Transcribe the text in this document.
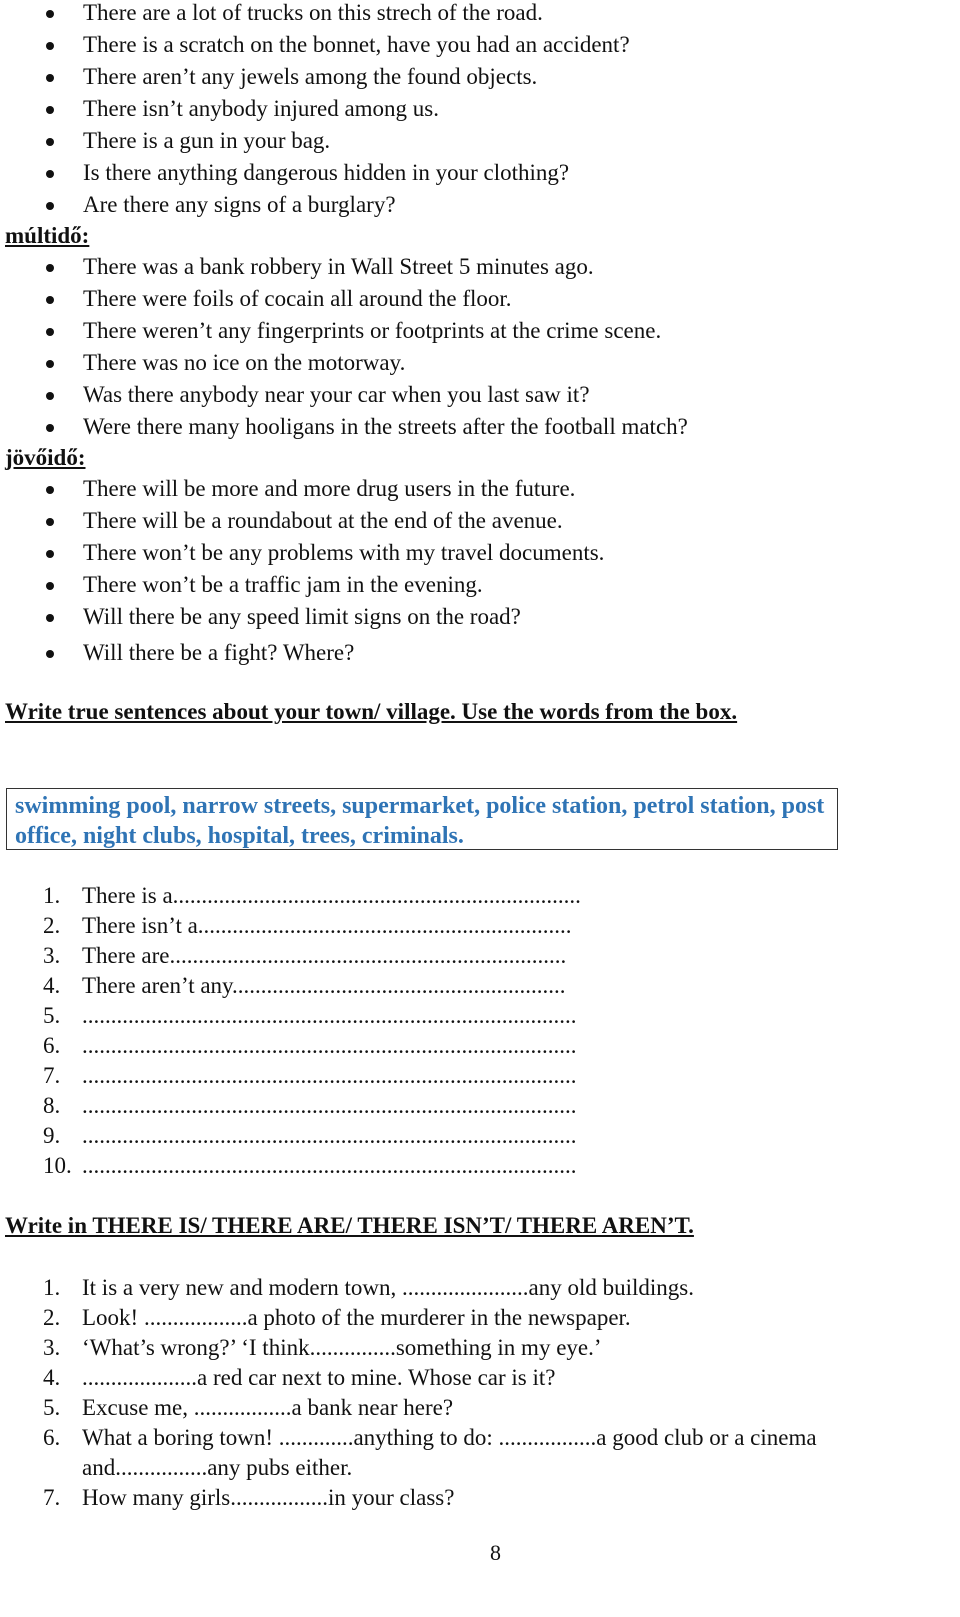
There are a lot of trucks on this strech of the road.
There is a scratch on the bonnet, have you had an accident?
There aren’t any jewels among the found objects.
There isn’t anybody injured among us.
There is a gun in your bag.
Is there anything dangerous hidden in your clothing?
Are there any signs of a burglary?
múltidő:
There was a bank robbery in Wall Street 5 minutes ago.
There were foils of cocain all around the floor.
There weren’t any fingerprints or footprints at the crime scene.
There was no ice on the motorway.
Was there anybody near your car when you last saw it?
Were there many hooligans in the streets after the football match?
jövőidő:
There will be more and more drug users in the future.
There will be a roundabout at the end of the avenue.
There won’t be any problems with my travel documents.
There won’t be a traffic jam in the evening.
Will there be any speed limit signs on the road?
Will there be a fight? Where?
Write true sentences about your town/ village. Use the words from the box.
swimming pool, narrow streets, supermarket, police station, petrol station, post office, night clubs, hospital, trees, criminals.
1. There is a.......................................................................
2. There isn’t a.................................................................
3. There are.....................................................................
4. There aren’t any..........................................................
5. ......................................................................................
6. ......................................................................................
7. ......................................................................................
8. ......................................................................................
9. ......................................................................................
10. ......................................................................................
Write in THERE IS/ THERE ARE/ THERE ISN’T/ THERE AREN’T.
1. It is a very new and modern town, ......................any old buildings.
2. Look! ..................a photo of the murderer in the newspaper.
3. ‘What’s wrong?’ ‘I think...............something in my eye.’
4. ....................a red car next to mine. Whose car is it?
5. Excuse me, .................a bank near here?
6. What a boring town! .............anything to do: .................a good club or a cinema and................any pubs either.
7. How many girls.................in your class?
8
